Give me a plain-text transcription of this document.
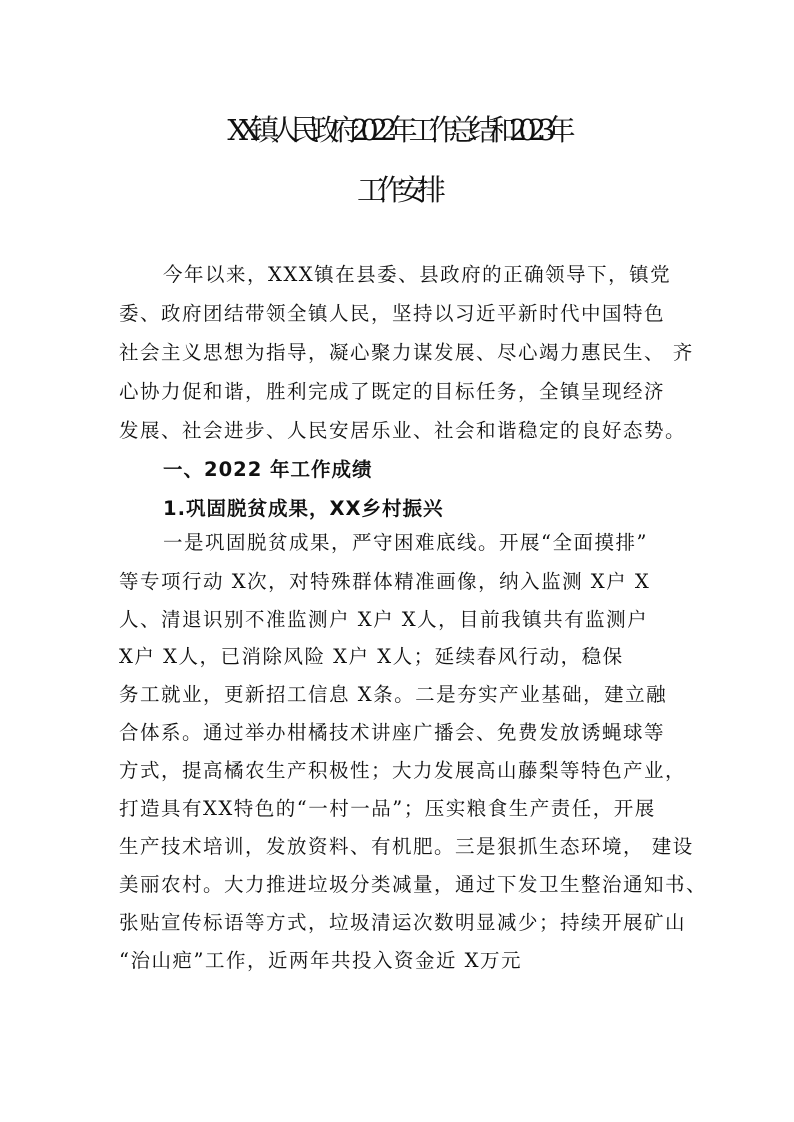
XX镇人民政府 2022年工作总结和 2023年
工作安排
今年以来，XXX镇在县委、县政府的正确领导下，镇党
委、政府团结带领全镇人民，坚持以习近平新时代中国特色
社会主义思想为指导，凝心聚力谋发展、尽心竭力惠民生、 齐
心协力促和谐，胜利完成了既定的目标任务，全镇呈现经济
发展、社会进步、人民安居乐业、社会和谐稳定的良好态势。
一、2022 年工作成绩
1.巩固脱贫成果，XX乡村振兴
一是巩固脱贫成果，严守困难底线。开展“全面摸排”
等专项行动 X次，对特殊群体精准画像，纳入监测 X户 X
人、清退识别不准监测户 X户 X人，目前我镇共有监测户
X户 X人，已消除风险 X户 X人；延续春风行动，稳保
务工就业，更新招工信息 X条。二是夯实产业基础，建立融
合体系。通过举办柑橘技术讲座广播会、免费发放诱蝇球等
方式，提高橘农生产积极性；大力发展高山藤梨等特色产业，
打造具有XX特色的“一村一品”；压实粮食生产责任，开展
生产技术培训，发放资料、有机肥。三是狠抓生态环境， 建设
美丽农村。大力推进垃圾分类减量，通过下发卫生整治通知书、
张贴宣传标语等方式，垃圾清运次数明显减少；持续开展矿山
“治山疤”工作，近两年共投入资金近 X万元
